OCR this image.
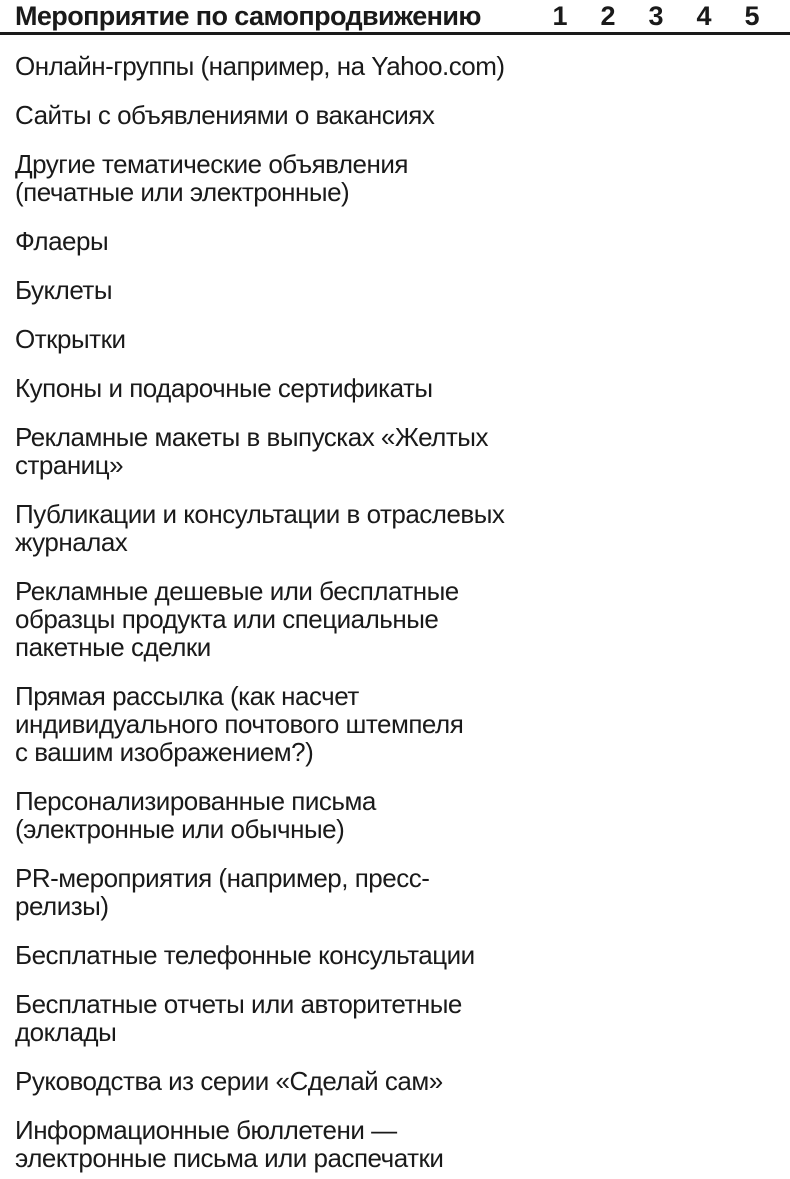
Мероприятие по самопродвижению	1	2	3	4	5
Онлайн-группы (например, на Yahoo.com)
Сайты с объявлениями о вакансиях
Другие тематические объявления
(печатные или электронные)
Флаеры
Буклеты
Открытки
Купоны и подарочные сертификаты
Рекламные макеты в выпусках «Желтых
страниц»
Публикации и консультации в отраслевых
журналах
Рекламные дешевые или бесплатные
образцы продукта или специальные
пакетные сделки
Прямая рассылка (как насчет
индивидуального почтового штемпеля
с вашим изображением?)
Персонализированные письма
(электронные или обычные)
PR-мероприятия (например, пресс-
релизы)
Бесплатные телефонные консультации
Бесплатные отчеты или авторитетные
доклады
Руководства из серии «Сделай сам»
Информационные бюллетени —
электронные письма или распечатки
